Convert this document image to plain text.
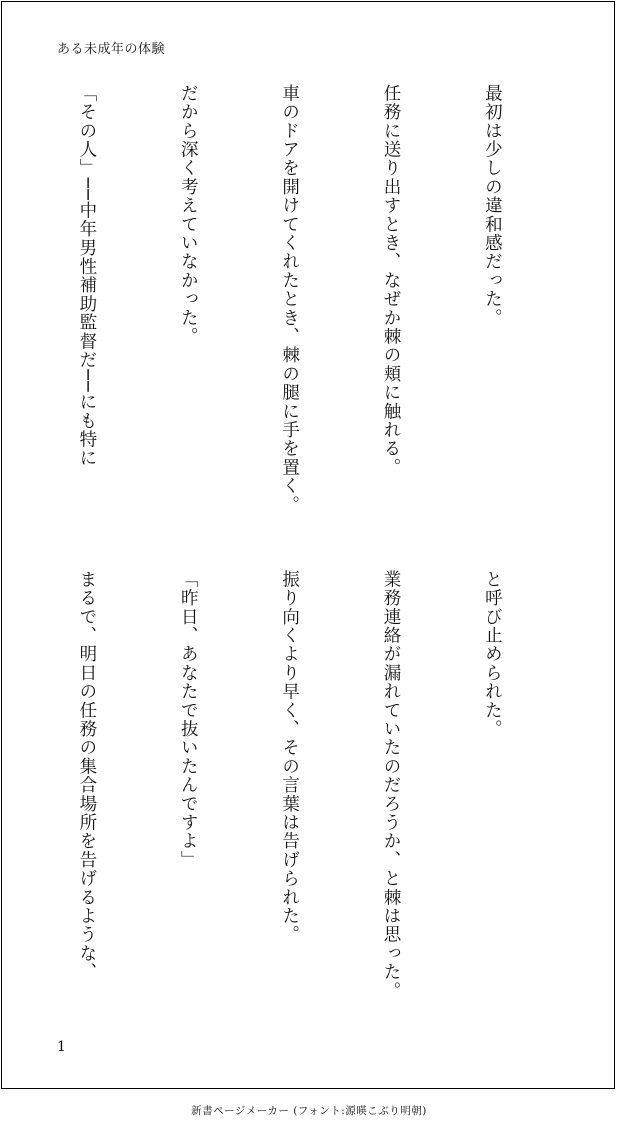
ある未成年の体験

最初は少しの違和感だった。

任務に送り出すとき、なぜか棘の頬に触れる。

車のドアを開けてくれたとき、棘の腿に手を置く。

だから深く考えていなかった。

「その人」──中年男性補助監督だ──にも特に

と呼び止められた。

業務連絡が漏れていたのだろうか、と棘は思った。

振り向くより早く、その言葉は告げられた。

「昨日、あなたで抜いたんですよ」

まるで、明日の任務の集合場所を告げるような、

1
新書ページメーカー (フォント:源暎こぶり明朝)
